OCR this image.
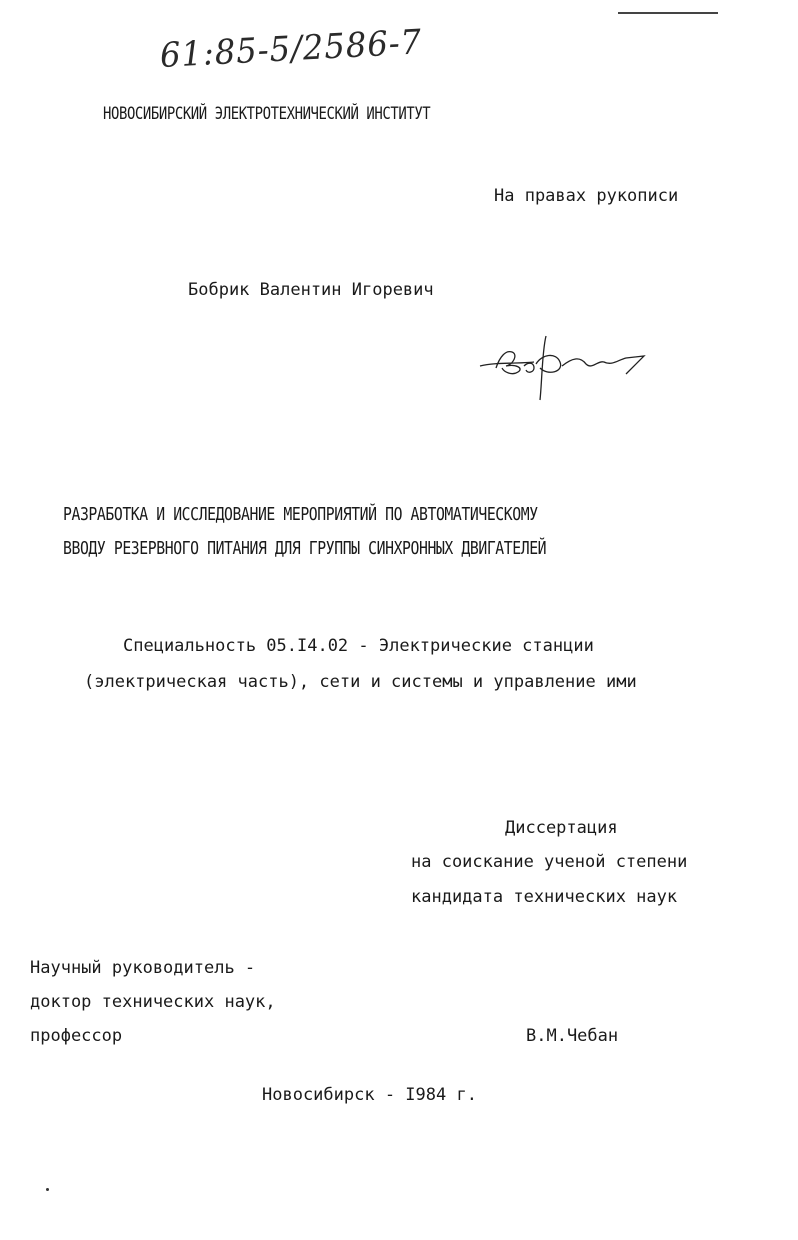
61:85-5/2586-7
НОВОСИБИРСКИЙ ЭЛЕКТРОТЕХНИЧЕСКИЙ ИНСТИТУТ
На правах рукописи
Бобрик Валентин Игоревич
РАЗРАБОТКА И ИССЛЕДОВАНИЕ МЕРОПРИЯТИЙ ПО АВТОМАТИЧЕСКОМУ
ВВОДУ РЕЗЕРВНОГО ПИТАНИЯ ДЛЯ ГРУППЫ СИНХРОННЫХ ДВИГАТЕЛЕЙ
Специальность 05.I4.02 - Электрические станции
(электрическая часть), сети и системы и управление ими
Диссертация
на соискание ученой степени
кандидата технических наук
Научный руководитель -
доктор технических наук,
профессор	В.М.Чебан
Новосибирск - I984 г.
